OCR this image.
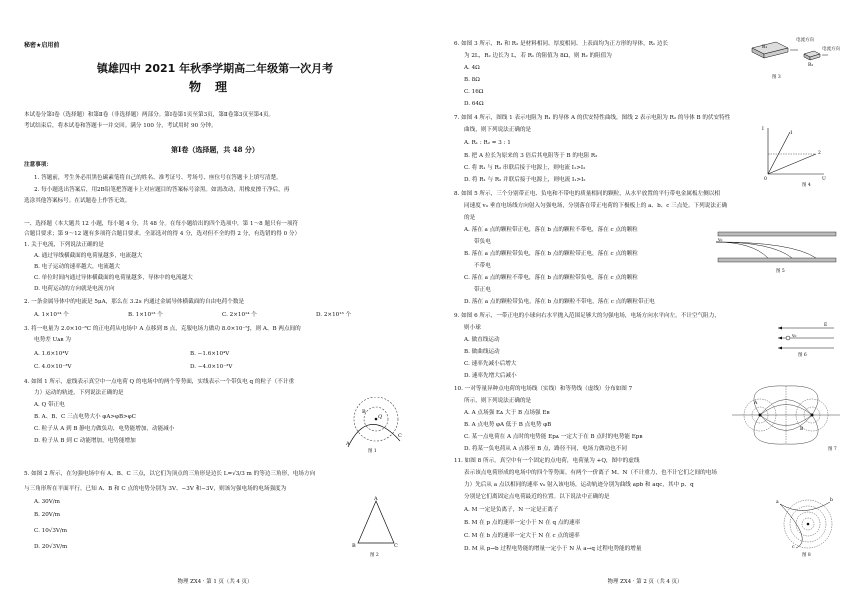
秘密★启用前
镇雄四中 2021 年秋季学期高二年级第一次月考
物理
本试卷分第Ⅰ卷（选择题）和第Ⅱ卷（非选择题）两部分。第Ⅰ卷第1页至第3页，第Ⅱ卷第3页至第4页。
考试结束后，将本试卷和答题卡一并交回。满分 100 分，考试用时 90 分钟。
第Ⅰ卷（选择题，共 48 分）
注意事项：
1. 答题前，考生务必用黑色碳素笔将自己的姓名、准考证号、考场号、座位号在答题卡上填写清楚。
2. 每小题选出答案后，用2B铅笔把答题卡上对应题目的答案标号涂黑。如需改动，用橡皮擦干净后，再
选涂其他答案标号。在试题卷上作答无效。
一、选择题（本大题共 12 小题，每小题 4 分，共 48 分。在每小题给出的四个选项中，第 1～8 题只有一项符
合题目要求；第 9～12 题有多项符合题目要求。全部选对的得 4 分，选对但不全的得 2 分，有选错的得 0 分）
1. 关于电流，下列说法正确的是
A. 通过导线横截面的电荷量越多，电流越大
B. 电子运动的速率越大，电流越大
C. 单位时间内通过导体横截面的电荷量越多，导体中的电流越大
D. 电荷运动的方向就是电流方向
2. 一条金属导体中的电流是 5μA，那么在 3.2s 内通过金属导体横截面的自由电荷个数是
A. 1×10¹⁴ 个	B. 1×10¹³ 个	C. 2×10¹⁴ 个	D. 2×10¹³ 个
3. 将一电量为 2.0×10⁻⁸C 的正电荷从电场中 A 点移到 B 点，克服电场力做功 8.0×10⁻⁵J，则 A、B 两点间的
电势差 Uᴀʙ 为
A. 1.6×10⁴V	B. −1.6×10⁴V
C. 4.0×10⁻³V	D. −4.0×10⁻³V
4. 如图 1 所示，虚线表示真空中一点电荷 Q 的电场中的两个等势面，实线表示一个带负电 q 的粒子（不计重
力）运动的轨迹，下列说法正确的是
A. Q 带正电
B. A、B、C 三点电势大小 φA>φB>φC
C. 粒子从 A 到 B 静电力做负功，电势能增加，动能减小
D. 粒子从 B 到 C 动能增加，电势能增加
Q
A
B
C
图 1
5. 如图 2 所示，在匀强电场中有 A、B、C 三点，以它们为顶点的三角形是边长 L=√3/3 m 的等边三角形，电场方向
与三角形所在平面平行。已知 A、B 和 C 点的电势分别为 3V、−3V 和−3V，则该匀强电场的电场强度为
A. 30V/m
B. 20V/m
C. 10√3V/m
D. 20√3V/m
A
B	C
图 2
物理 ZX4 · 第 1 页（共 4 页）
6. 如图 3 所示，R₁ 和 R₂ 是材料相同、厚度相同、上表面均为正方形的导体，R₁ 边长
为 2L，R₂ 边长为 L，若 R₁ 的阻值为 8Ω，则 R₂ 的阻值为
A. 4Ω
B. 8Ω
C. 16Ω
D. 64Ω
R₁
R₂
电流方向
电流方向
图 3
7. 如图 4 所示，图线 1 表示电阻为 R₁ 的导体 A 的伏安特性曲线，图线 2 表示电阻为 R₂ 的导体 B 的伏安特性
曲线，则下列说法正确的是
A. R₁ : R₂ = 3 : 1
B. 把 A 拉长为原来的 3 倍后其电阻等于 B 的电阻 R₂
C. 将 R₁ 与 R₂ 串联后接于电源上，则电流 I₁>I₂
D. 将 R₁ 与 R₂ 并联后接于电源上，则电流 I₁>I₂
1
2
I
U
0
图 4
8. 如图 5 所示，三个分别带正电、负电和不带电的质量相同的颗粒，从水平放置的平行带电金属板左侧以相
同速度 v₀ 垂直电场线方向射入匀强电场，分别落在带正电荷的下极板上的 a、b、c 三点处。下列说法正确
的是
A. 落在 a 点的颗粒带正电，落在 b 点的颗粒不带电，落在 c 点的颗粒
带负电
B. 落在 a 点的颗粒带负电，落在 b 点的颗粒带正电，落在 c 点的颗粒
不带电
C. 落在 a 点的颗粒不带电，落在 b 点的颗粒带负电，落在 c 点的颗粒
带正电
D. 落在 a 点的颗粒带负电，落在 b 点的颗粒不带电，落在 c 点的颗粒带正电
v₀
图 5
9. 如图 6 所示，一带正电的小球向右水平抛入范围足够大的匀强电场，电场方向水平向左。不计空气阻力，
则小球
A. 做直线运动
B. 做曲线运动
C. 速率先减小后增大
D. 速率先增大后减小
v₀
E
图 6
10. 一对等量异种点电荷的电场线（实线）和等势线（虚线）分布如图 7
所示，则下列说法正确的是
A. A 点场强 Eᴀ 大于 B 点场强 Eʙ
B. A 点电势 φA 低于 B 点电势 φB
C. 某一点电荷在 A 点时的电势能 Epᴀ 一定大于在 B 点时的电势能 Epʙ
D. 将某一负电荷从 A 点移至 B 点，路径不同，电场力做功也不同
A
B
图 7
11. 如图 8 所示，真空中有一个固定的点电荷，电荷量为 +Q，图中的虚线
表示该点电荷形成的电场中的四个等势面。有两个一价离子 M、N（不计重力，也不计它们之间的电场
力）先后从 a 点以相同的速率 v₀ 射入该电场，运动轨迹分别为曲线 apb 和 aqc，其中 p、q
分别是它们离固定点电荷最近的位置。以下说法中正确的是
A. M 一定是负离子，N 一定是正离子
B. M 在 p 点的速率一定小于 N 在 q 点的速率
C. M 在 b 点的速率一定大于 N 在 c 点的速率
D. M 从 p→b 过程电势能的增量一定小于 N 从 a→q 过程电势能的增量
a	b
c
图 8
物理 ZX4 · 第 2 页（共 4 页）
